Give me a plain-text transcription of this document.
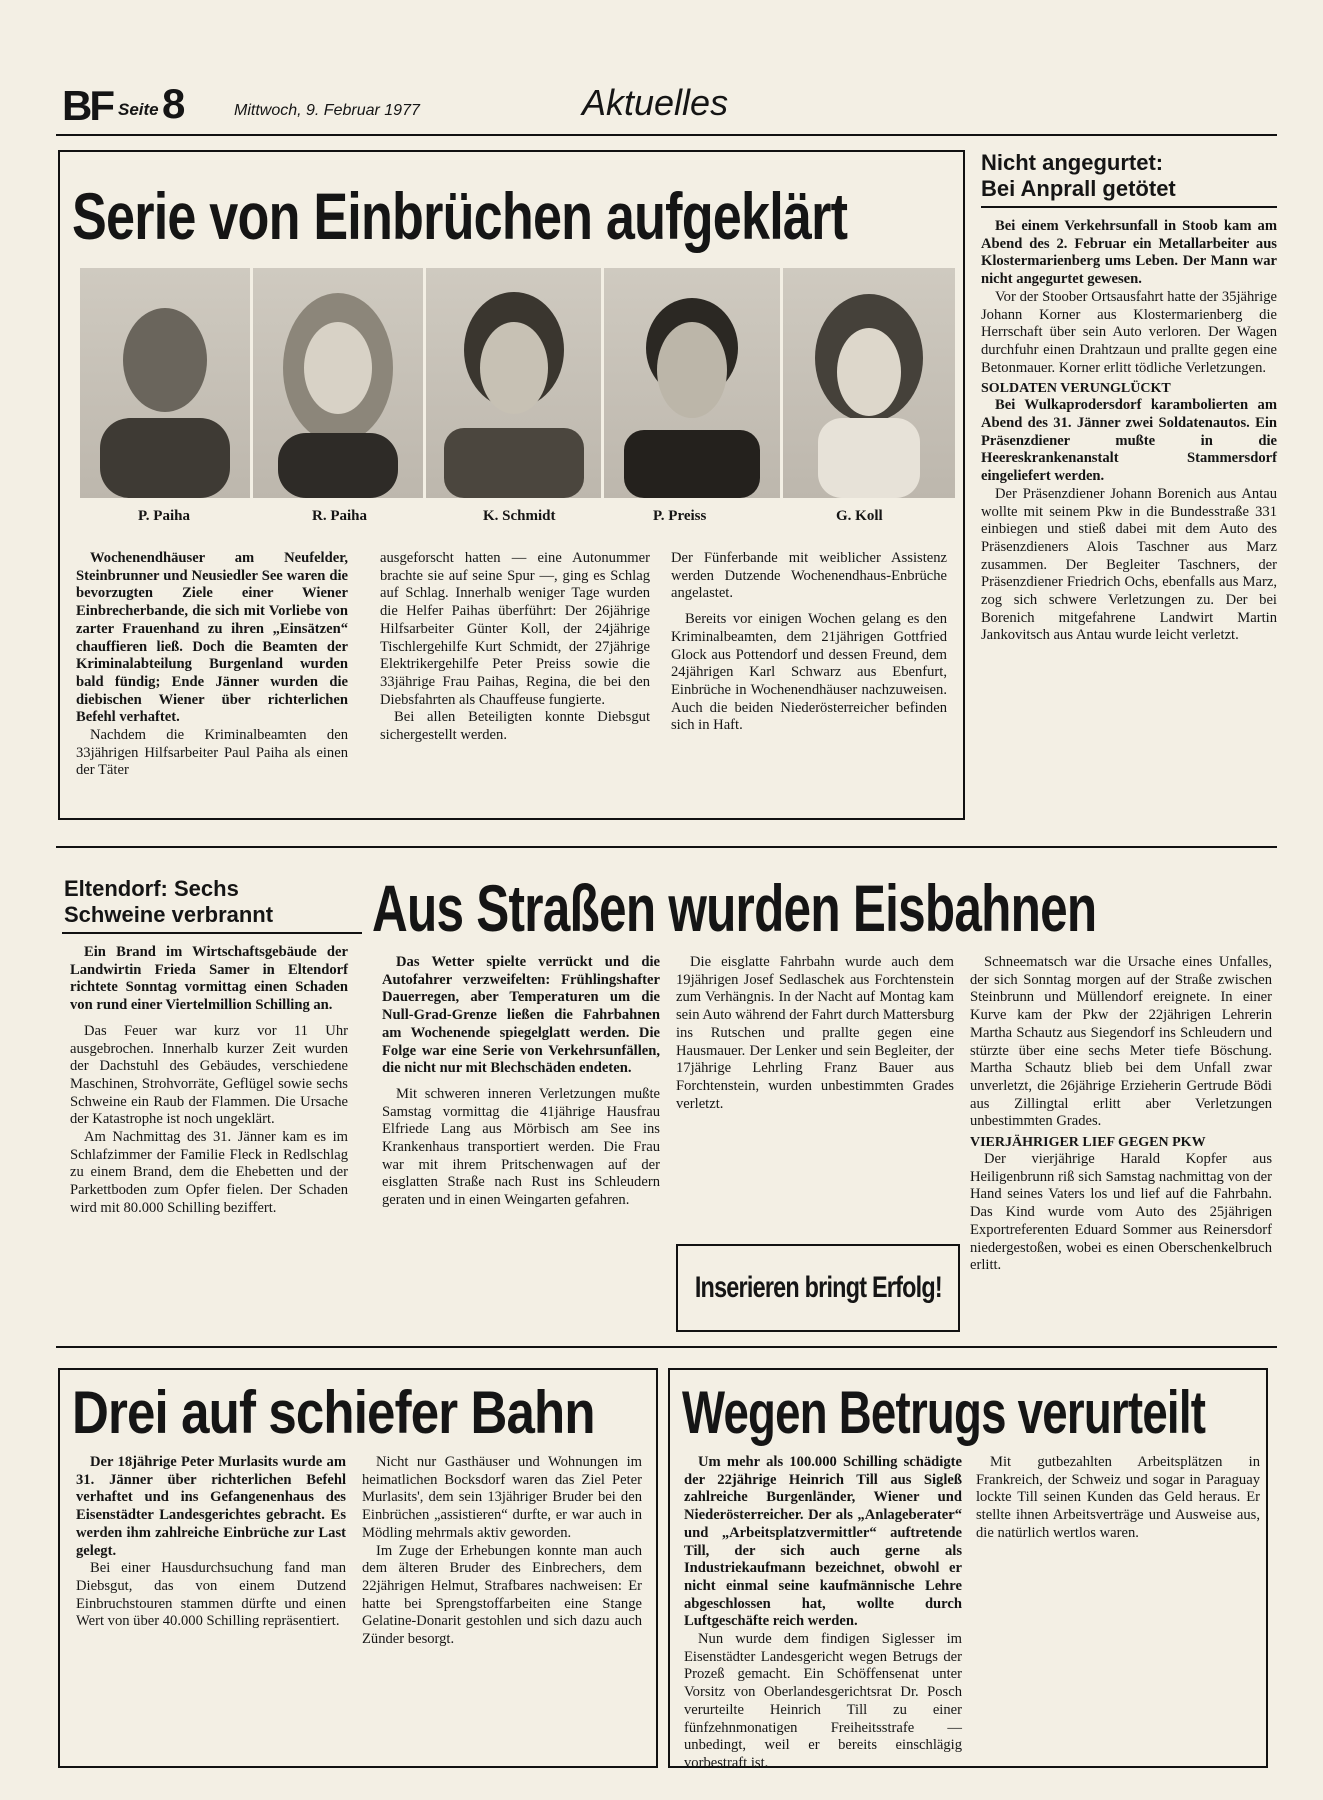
BF Seite 8	Mittwoch, 9. Februar 1977	Aktuelles
Serie von Einbrüchen aufgeklärt
P. Paiha	R. Paiha	K. Schmidt	P. Preiss	G. Koll

Wochenendhäuser am Neufelder, Steinbrunner und Neusiedler See waren die bevorzugten Ziele einer Wiener Einbrecherbande, die sich mit Vorliebe von zarter Frauenhand zu ihren „Einsätzen“ chauffieren ließ. Doch die Beamten der Kriminalabteilung Burgenland wurden bald fündig; Ende Jänner wurden die diebischen Wiener über richterlichen Befehl verhaftet.

Nachdem die Kriminalbeamten den 33jährigen Hilfsarbeiter Paul Paiha als einen der Täter

ausgeforscht hatten — eine Autonummer brachte sie auf seine Spur —, ging es Schlag auf Schlag. Innerhalb weniger Tage wurden die Helfer Paihas überführt: Der 26jährige Hilfsarbeiter Günter Koll, der 24jährige Tischlergehilfe Kurt Schmidt, der 27jährige Elektrikergehilfe Peter Preiss sowie die 33jährige Frau Paihas, Regina, die bei den Diebsfahrten als Chauffeuse fungierte.

Bei allen Beteiligten konnte Diebsgut sichergestellt werden.

Der Fünferbande mit weiblicher Assistenz werden Dutzende Wochenendhaus-Enbrüche angelastet.

Bereits vor einigen Wochen gelang es den Kriminalbeamten, dem 21jährigen Gottfried Glock aus Pottendorf und dessen Freund, dem 24jährigen Karl Schwarz aus Ebenfurt, Einbrüche in Wochenendhäuser nachzuweisen. Auch die beiden Niederösterreicher befinden sich in Haft.

Nicht angegurtet:
Bei Anprall getötet

Bei einem Verkehrsunfall in Stoob kam am Abend des 2. Februar ein Metallarbeiter aus Klostermarienberg ums Leben. Der Mann war nicht angegurtet gewesen.

Vor der Stoober Ortsausfahrt hatte der 35jährige Johann Korner aus Klostermarienberg die Herrschaft über sein Auto verloren. Der Wagen durchfuhr einen Drahtzaun und prallte gegen eine Betonmauer. Korner erlitt tödliche Verletzungen.

SOLDATEN VERUNGLÜCKT

Bei Wulkaprodersdorf karambolierten am Abend des 31. Jänner zwei Soldatenautos. Ein Präsenzdiener mußte in die Heereskrankenanstalt Stammersdorf eingeliefert werden.

Der Präsenzdiener Johann Borenich aus Antau wollte mit seinem Pkw in die Bundesstraße 331 einbiegen und stieß dabei mit dem Auto des Präsenzdieners Alois Taschner aus Marz zusammen. Der Begleiter Taschners, der Präsenzdiener Friedrich Ochs, ebenfalls aus Marz, zog sich schwere Verletzungen zu. Der bei Borenich mitgefahrene Landwirt Martin Jankovitsch aus Antau wurde leicht verletzt.

Eltendorf: Sechs
Schweine verbrannt

Ein Brand im Wirtschaftsgebäude der Landwirtin Frieda Samer in Eltendorf richtete Sonntag vormittag einen Schaden von rund einer Viertelmillion Schilling an.

Das Feuer war kurz vor 11 Uhr ausgebrochen. Innerhalb kurzer Zeit wurden der Dachstuhl des Gebäudes, verschiedene Maschinen, Strohvorräte, Geflügel sowie sechs Schweine ein Raub der Flammen. Die Ursache der Katastrophe ist noch ungeklärt.

Am Nachmittag des 31. Jänner kam es im Schlafzimmer der Familie Fleck in Redlschlag zu einem Brand, dem die Ehebetten und der Parkettboden zum Opfer fielen. Der Schaden wird mit 80.000 Schilling beziffert.

Aus Straßen wurden Eisbahnen

Das Wetter spielte verrückt und die Autofahrer verzweifelten: Frühlingshafter Dauerregen, aber Temperaturen um die Null-Grad-Grenze ließen die Fahrbahnen am Wochenende spiegelglatt werden. Die Folge war eine Serie von Verkehrsunfällen, die nicht nur mit Blechschäden endeten.

Mit schweren inneren Verletzungen mußte Samstag vormittag die 41jährige Hausfrau Elfriede Lang aus Mörbisch am See ins Krankenhaus transportiert werden. Die Frau war mit ihrem Pritschenwagen auf der eisglatten Straße nach Rust ins Schleudern geraten und in einen Weingarten gefahren.

Die eisglatte Fahrbahn wurde auch dem 19jährigen Josef Sedlaschek aus Forchtenstein zum Verhängnis. In der Nacht auf Montag kam sein Auto während der Fahrt durch Mattersburg ins Rutschen und prallte gegen eine Hausmauer. Der Lenker und sein Begleiter, der 17jährige Lehrling Franz Bauer aus Forchtenstein, wurden unbestimmten Grades verletzt.

Schneematsch war die Ursache eines Unfalles, der sich Sonntag morgen auf der Straße zwischen Steinbrunn und Müllendorf ereignete. In einer Kurve kam der Pkw der 22jährigen Lehrerin Martha Schautz aus Siegendorf ins Schleudern und stürzte über eine sechs Meter tiefe Böschung. Martha Schautz blieb bei dem Unfall zwar unverletzt, die 26jährige Erzieherin Gertrude Bödi aus Zillingtal erlitt aber Verletzungen unbestimmten Grades.

VIERJÄHRIGER LIEF GEGEN PKW

Der vierjährige Harald Kopfer aus Heiligenbrunn riß sich Samstag nachmittag von der Hand seines Vaters los und lief auf die Fahrbahn. Das Kind wurde vom Auto des 25jährigen Exportreferenten Eduard Sommer aus Reinersdorf niedergestoßen, wobei es einen Oberschenkelbruch erlitt.

Inserieren bringt Erfolg!
Drei auf schiefer Bahn

Der 18jährige Peter Murlasits wurde am 31. Jänner über richterlichen Befehl verhaftet und ins Gefangenenhaus des Eisenstädter Landesgerichtes gebracht. Es werden ihm zahlreiche Einbrüche zur Last gelegt.

Bei einer Hausdurchsuchung fand man Diebsgut, das von einem Dutzend Einbruchstouren stammen dürfte und einen Wert von über 40.000 Schilling repräsentiert.

Nicht nur Gasthäuser und Wohnungen im heimatlichen Bocksdorf waren das Ziel Peter Murlasits', dem sein 13jähriger Bruder bei den Einbrüchen „assistieren“ durfte, er war auch in Mödling mehrmals aktiv geworden.

Im Zuge der Erhebungen konnte man auch dem älteren Bruder des Einbrechers, dem 22jährigen Helmut, Strafbares nachweisen: Er hatte bei Sprengstoffarbeiten eine Stange Gelatine-Donarit gestohlen und sich dazu auch Zünder besorgt.

Wegen Betrugs verurteilt

Um mehr als 100.000 Schilling schädigte der 22jährige Heinrich Till aus Sigleß zahlreiche Burgenländer, Wiener und Niederösterreicher. Der als „Anlageberater“ und „Arbeitsplatzvermittler“ auftretende Till, der sich auch gerne als Industriekaufmann bezeichnet, obwohl er nicht einmal seine kaufmännische Lehre abgeschlossen hat, wollte durch Luftgeschäfte reich werden.

Nun wurde dem findigen Siglesser im Eisenstädter Landesgericht wegen Betrugs der Prozeß gemacht. Ein Schöffensenat unter Vorsitz von Oberlandesgerichtsrat Dr. Posch verurteilte Heinrich Till zu einer fünfzehnmonatigen Freiheitsstrafe — unbedingt, weil er bereits einschlägig vorbestraft ist.

Mit gutbezahlten Arbeitsplätzen in Frankreich, der Schweiz und sogar in Paraguay lockte Till seinen Kunden das Geld heraus. Er stellte ihnen Arbeitsverträge und Ausweise aus, die natürlich wertlos waren.
